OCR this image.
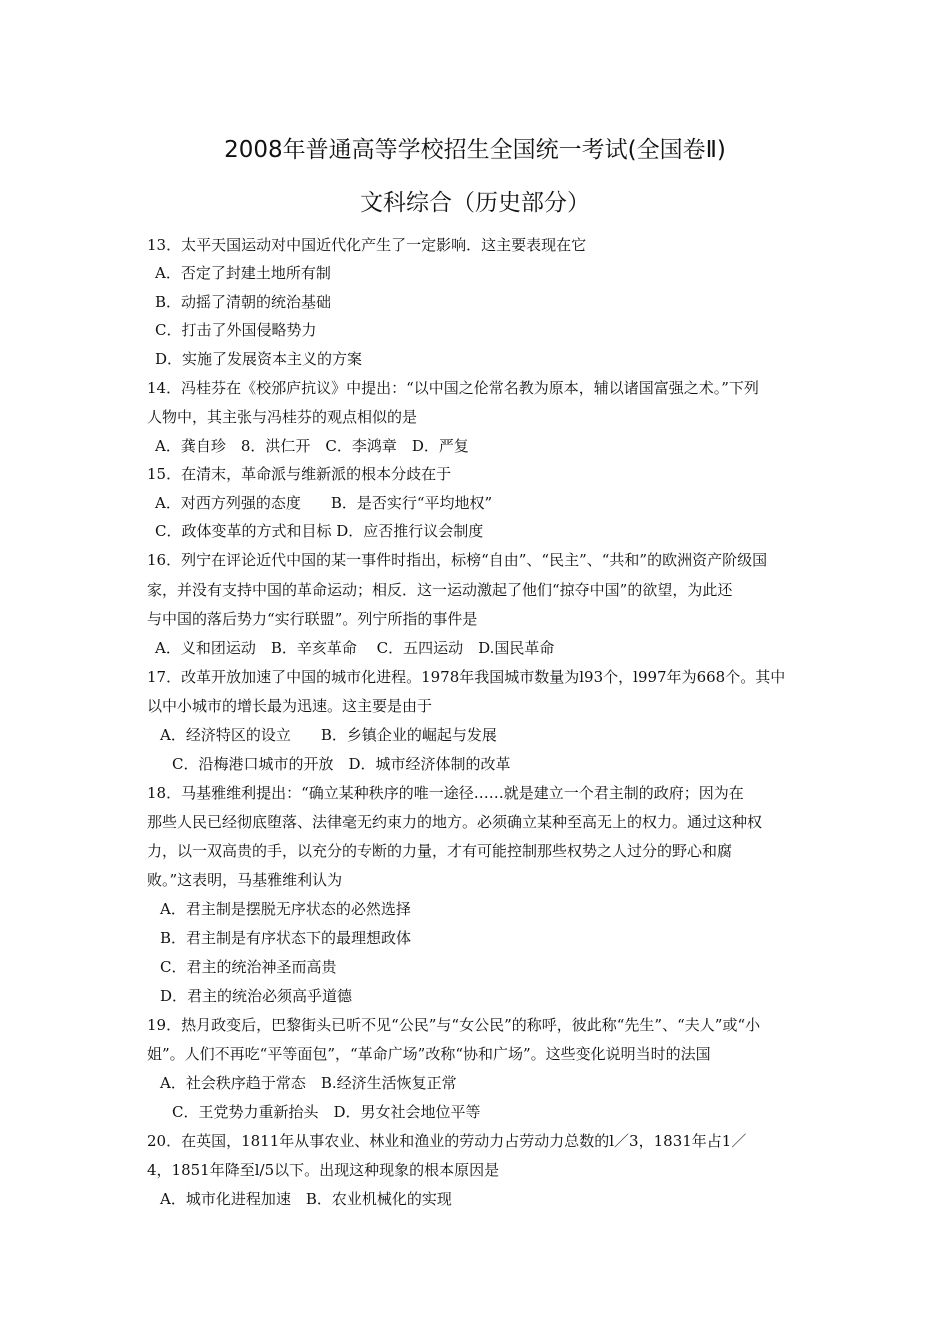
2008年普通高等学校招生全国统一考试(全国卷Ⅱ)
文科综合（历史部分）
13．太平天国运动对中国近代化产生了一定影响．这主要表现在它
A．否定了封建土地所有制
B．动摇了清朝的统治基础
C．打击了外国侵略势力
D．实施了发展资本主义的方案
14．冯桂芬在《校邠庐抗议》中提出：“以中国之伦常名教为原本，辅以诸国富强之术。”下列
人物中，其主张与冯桂芬的观点相似的是
A．龚自珍　8．洪仁开　C．李鸿章　D．严复
15．在清末，革命派与维新派的根本分歧在于
A．对西方列强的态度　　B．是否实行“平均地权”
C．政体变革的方式和目标 D．应否推行议会制度
16．列宁在评论近代中国的某一事件时指出，标榜“自由”、“民主”、“共和”的欧洲资产阶级国
家，并没有支持中国的革命运动；相反．这一运动激起了他们“掠夺中国”的欲望，为此还
与中国的落后势力“实行联盟”。列宁所指的事件是
A．义和团运动　B．辛亥革命　 C．五四运动　D.国民革命
17．改革开放加速了中国的城市化进程。1978年我国城市数量为l93个，l997年为668个。其中
以中小城市的增长最为迅速。这主要是由于
A．经济特区的设立　　B．乡镇企业的崛起与发展
C．沿梅港口城市的开放　D．城市经济体制的改革
18．马基雅维利提出：“确立某种秩序的唯一途径……就是建立一个君主制的政府；因为在
那些人民已经彻底堕落、法律毫无约束力的地方。必须确立某种至高无上的权力。通过这种权
力，以一双高贵的手，以充分的专断的力量，才有可能控制那些权势之人过分的野心和腐
败。”这表明，马基雅维利认为
A．君主制是摆脱无序状态的必然选择
B．君主制是有序状态下的最理想政体
C．君主的统治神圣而高贵
D．君主的统治必须高乎道德
19．热月政变后，巴黎街头已听不见“公民”与“女公民”的称呼，彼此称“先生”、“夫人”或“小
姐”。人们不再吃“平等面包”，“革命广场”改称“协和广场”。这些变化说明当时的法国
A．社会秩序趋于常态　B.经济生活恢复正常
C．王党势力重新抬头　D．男女社会地位平等
20．在英国，1811年从事农业、林业和渔业的劳动力占劳动力总数的l／3，1831年占1／
4，1851年降至l/5以下。出现这种现象的根本原因是
A．城市化进程加速　B．农业机械化的实现
